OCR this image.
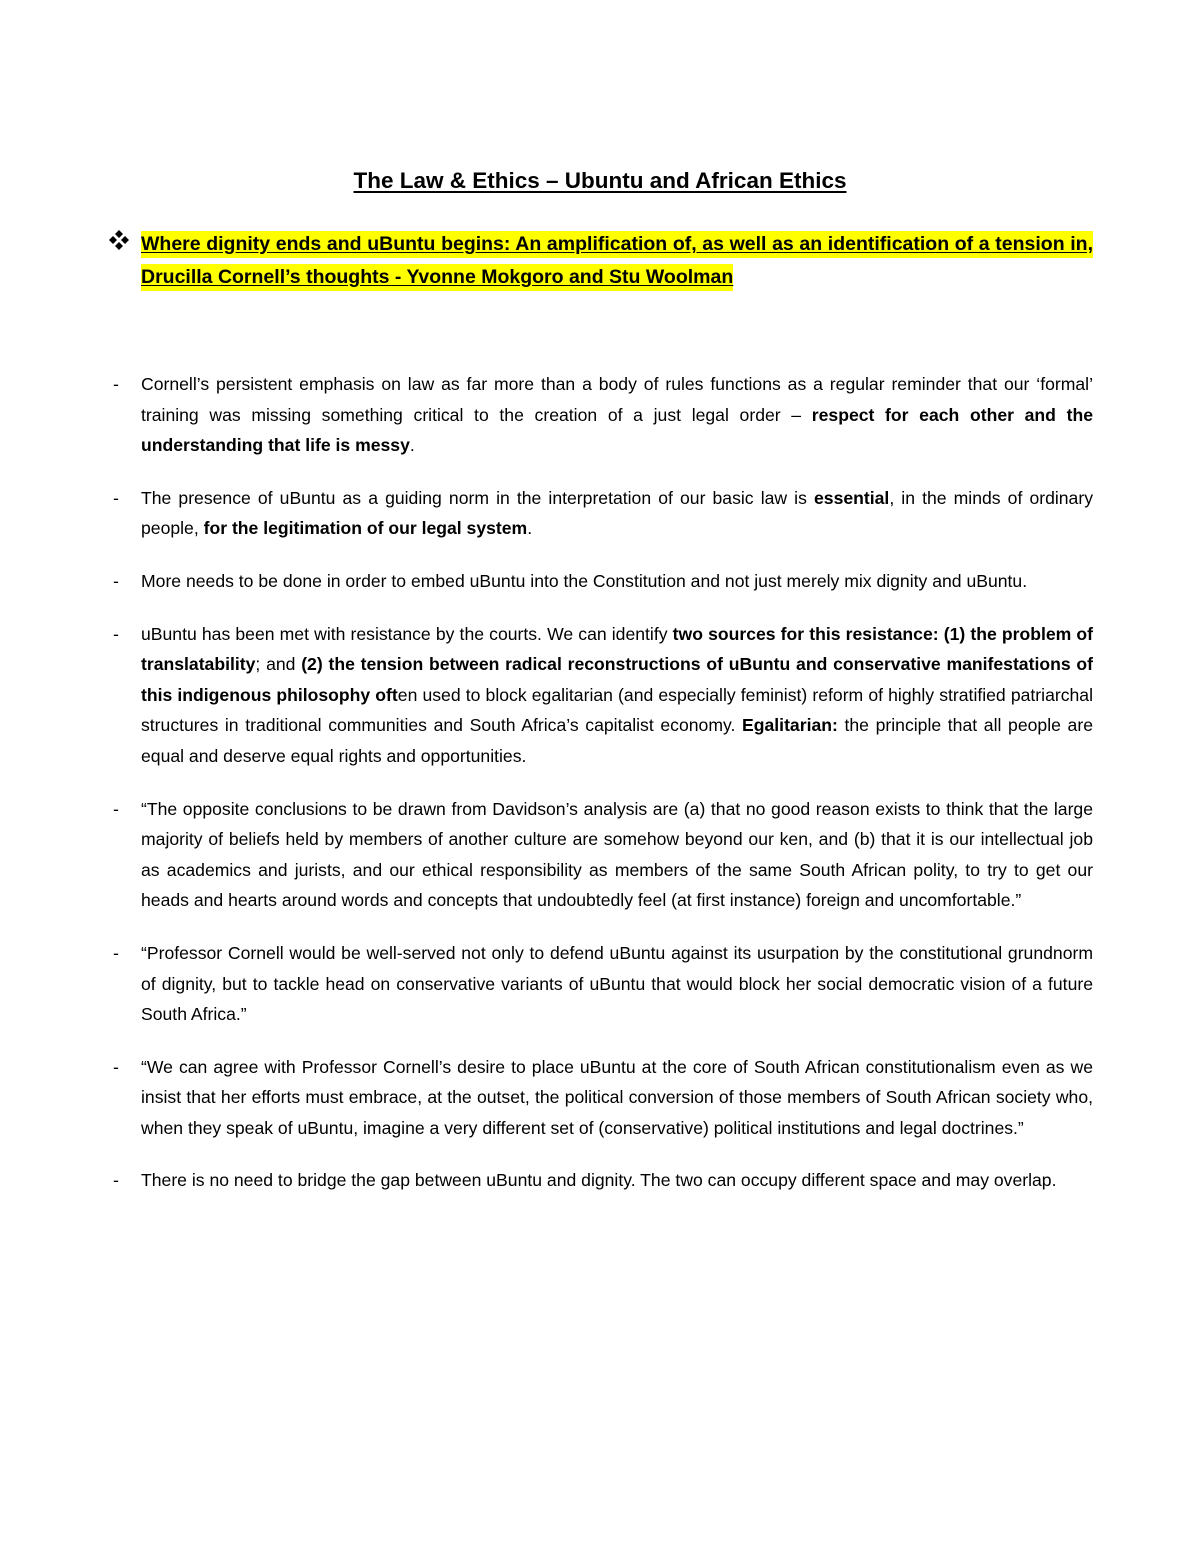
The Law & Ethics – Ubuntu and African Ethics
Where dignity ends and uBuntu begins: An amplification of, as well as an identification of a tension in, Drucilla Cornell’s thoughts - Yvonne Mokgoro and Stu Woolman
- Cornell’s persistent emphasis on law as far more than a body of rules functions as a regular reminder that our ‘formal’ training was missing something critical to the creation of a just legal order – respect for each other and the understanding that life is messy.
- The presence of uBuntu as a guiding norm in the interpretation of our basic law is essential, in the minds of ordinary people, for the legitimation of our legal system.
- More needs to be done in order to embed uBuntu into the Constitution and not just merely mix dignity and uBuntu.
- uBuntu has been met with resistance by the courts. We can identify two sources for this resistance: (1) the problem of translatability; and (2) the tension between radical reconstructions of uBuntu and conservative manifestations of this indigenous philosophy often used to block egalitarian (and especially feminist) reform of highly stratified patriarchal structures in traditional communities and South Africa’s capitalist economy. Egalitarian: the principle that all people are equal and deserve equal rights and opportunities.
- “The opposite conclusions to be drawn from Davidson’s analysis are (a) that no good reason exists to think that the large majority of beliefs held by members of another culture are somehow beyond our ken, and (b) that it is our intellectual job as academics and jurists, and our ethical responsibility as members of the same South African polity, to try to get our heads and hearts around words and concepts that undoubtedly feel (at first instance) foreign and uncomfortable.”
- “Professor Cornell would be well-served not only to defend uBuntu against its usurpation by the constitutional grundnorm of dignity, but to tackle head on conservative variants of uBuntu that would block her social democratic vision of a future South Africa.”
- “We can agree with Professor Cornell’s desire to place uBuntu at the core of South African constitutionalism even as we insist that her efforts must embrace, at the outset, the political conversion of those members of South African society who, when they speak of uBuntu, imagine a very different set of (conservative) political institutions and legal doctrines.”
- There is no need to bridge the gap between uBuntu and dignity. The two can occupy different space and may overlap.
